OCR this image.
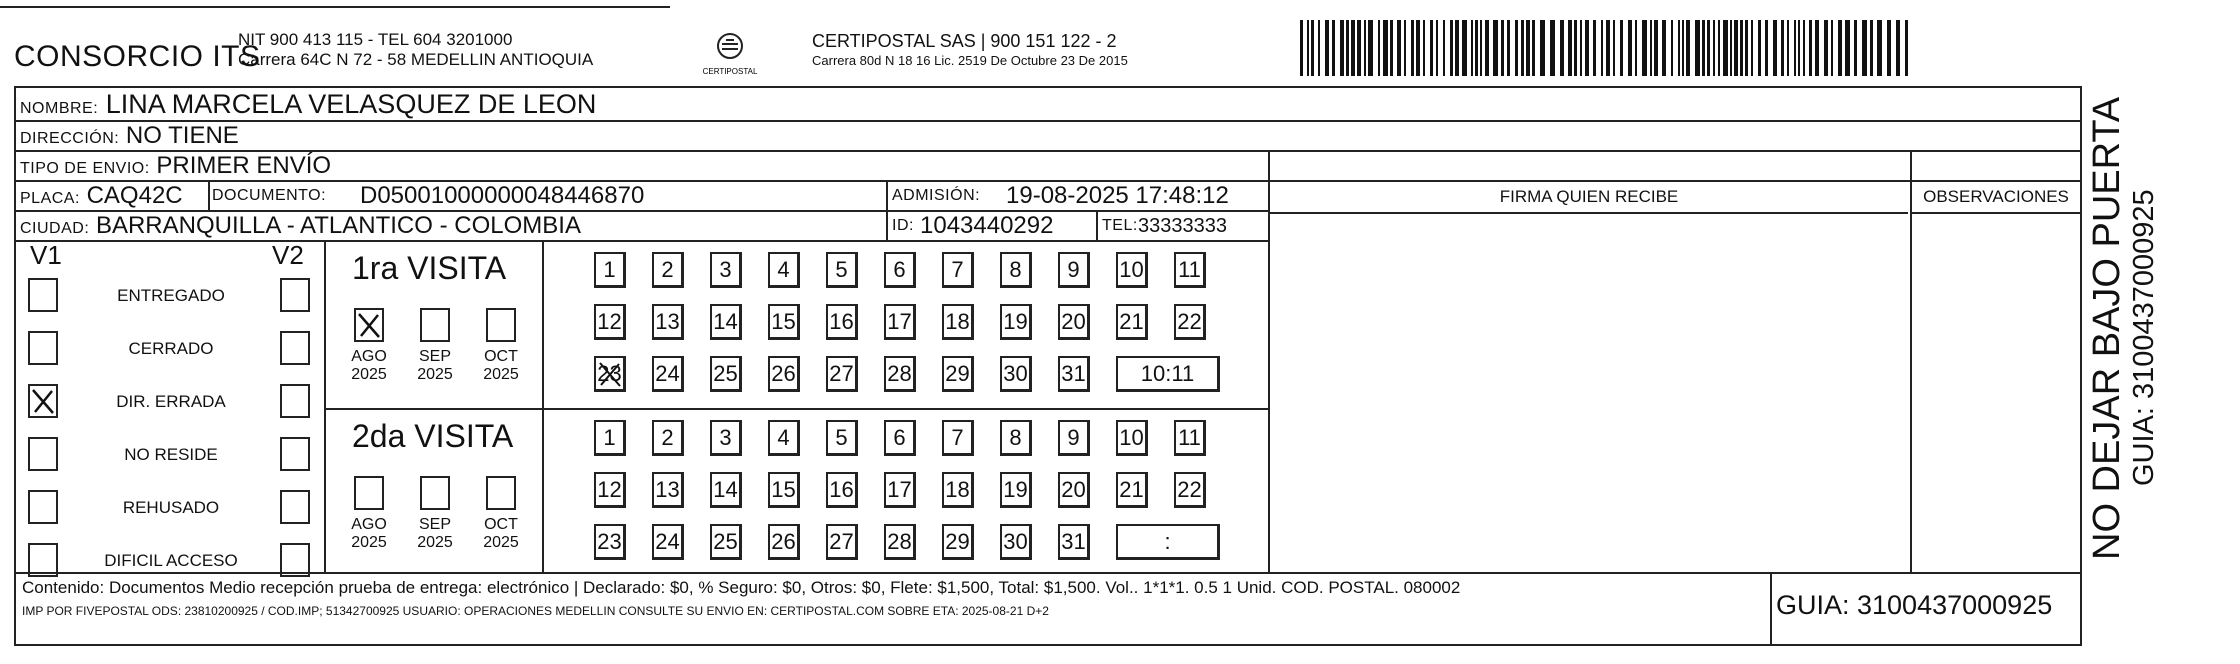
CONSORCIO ITS
NIT 900 413 115 - TEL 604 3201000
Carrera 64C N 72 - 58 MEDELLIN ANTIOQUIA
CERTIPOSTAL
CERTIPOSTAL SAS | 900 151 122 - 2
Carrera 80d N 18 16 Lic. 2519 De Octubre 23 De 2015
NOMBRE: LINA MARCELA VELASQUEZ DE LEON
DIRECCIÓN: NO TIENE
TIPO DE ENVIO: PRIMER ENVÍO
PLACA: CAQ42C DOCUMENTO: D05001000000048446870	ADMISIÓN: 19-08-2025 17:48:12
CIUDAD: BARRANQUILLA - ATLANTICO - COLOMBIA	ID: 1043440292	TEL: 33333333
FIRMA QUIEN RECIBE	OBSERVACIONES
V1	V2 1ra VISITA
2da VISITA
ENTREGADO
CERRADO
DIR. ERRADA
NO RESIDE
REHUSADO
DIFICIL ACCESO
AGO
2025
SEP
2025
OCT
2025
1	2	3	4	5	6	7	8	9	10 11
12 13 14 15 16 17 18 19 20 21 22
23 24 25 26 27 28 29 30 31	10:11
AGO
2025
SEP
2025
OCT
2025
1	2	3	4	5	6	7	8	9	10 11
12 13 14 15 16 17 18 19 20 21 22
23 24 25 26 27 28 29 30 31	:
Contenido: Documentos Medio recepción prueba de entrega: electrónico | Declarado: $0, % Seguro: $0, Otros: $0, Flete: $1,500, Total: $1,500. Vol.. 1*1*1. 0.5 1 Unid. COD. POSTAL. 080002
IMP POR FIVEPOSTAL ODS: 23810200925 / COD.IMP; 51342700925 USUARIO: OPERACIONES MEDELLIN CONSULTE SU ENVIO EN: CERTIPOSTAL.COM SOBRE ETA: 2025-08-21 D+2	GUIA: 3100437000925
NO DEJAR BAJO PUERTA GUIA: 3100437000925
